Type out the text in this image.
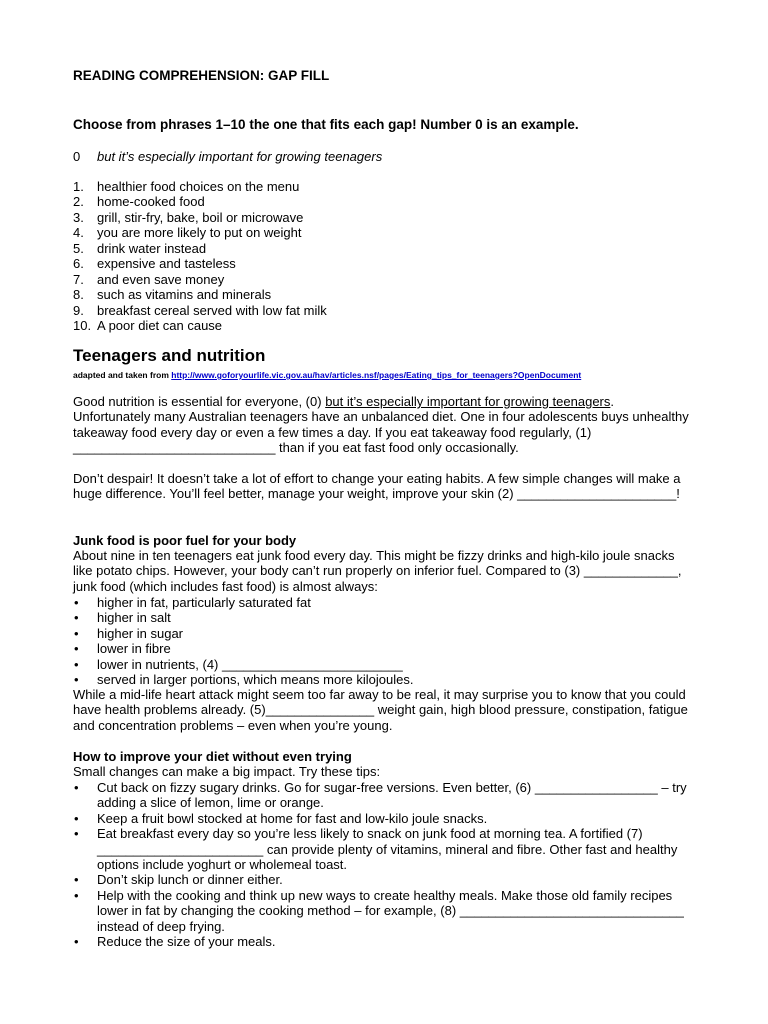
READING COMPREHENSION: GAP FILL
Choose from phrases 1–10 the one that fits each gap! Number 0 is an example.
0 but it’s especially important for growing teenagers
1. healthier food choices on the menu
2. home-cooked food
3. grill, stir-fry, bake, boil or microwave
4. you are more likely to put on weight
5. drink water instead
6. expensive and tasteless
7. and even save money
8. such as vitamins and minerals
9. breakfast cereal served with low fat milk
10. A poor diet can cause
Teenagers and nutrition
adapted and taken from http://www.goforyourlife.vic.gov.au/hav/articles.nsf/pages/Eating_tips_for_teenagers?OpenDocument
Good nutrition is essential for everyone, (0) but it’s especially important for growing teenagers. Unfortunately many Australian teenagers have an unbalanced diet. One in four adolescents buys unhealthy takeaway food every day or even a few times a day. If you eat takeaway food regularly, (1) ____________________________ than if you eat fast food only occasionally.
Don’t despair! It doesn’t take a lot of effort to change your eating habits. A few simple changes will make a huge difference. You’ll feel better, manage your weight, improve your skin (2) ______________________!
Junk food is poor fuel for your body
About nine in ten teenagers eat junk food every day. This might be fizzy drinks and high-kilo joule snacks like potato chips. However, your body can’t run properly on inferior fuel. Compared to (3) _____________, junk food (which includes fast food) is almost always:
• higher in fat, particularly saturated fat
• higher in salt
• higher in sugar
• lower in fibre
• lower in nutrients, (4) _________________________
• served in larger portions, which means more kilojoules.
While a mid-life heart attack might seem too far away to be real, it may surprise you to know that you could have health problems already. (5)_______________ weight gain, high blood pressure, constipation, fatigue and concentration problems – even when you’re young.
How to improve your diet without even trying
Small changes can make a big impact. Try these tips:
• Cut back on fizzy sugary drinks. Go for sugar-free versions. Even better, (6) _________________ – try adding a slice of lemon, lime or orange.
• Keep a fruit bowl stocked at home for fast and low-kilo joule snacks.
• Eat breakfast every day so you’re less likely to snack on junk food at morning tea. A fortified (7) _______________________ can provide plenty of vitamins, mineral and fibre. Other fast and healthy options include yoghurt or wholemeal toast.
• Don’t skip lunch or dinner either.
• Help with the cooking and think up new ways to create healthy meals. Make those old family recipes lower in fat by changing the cooking method – for example, (8) _______________________________ instead of deep frying.
• Reduce the size of your meals.
